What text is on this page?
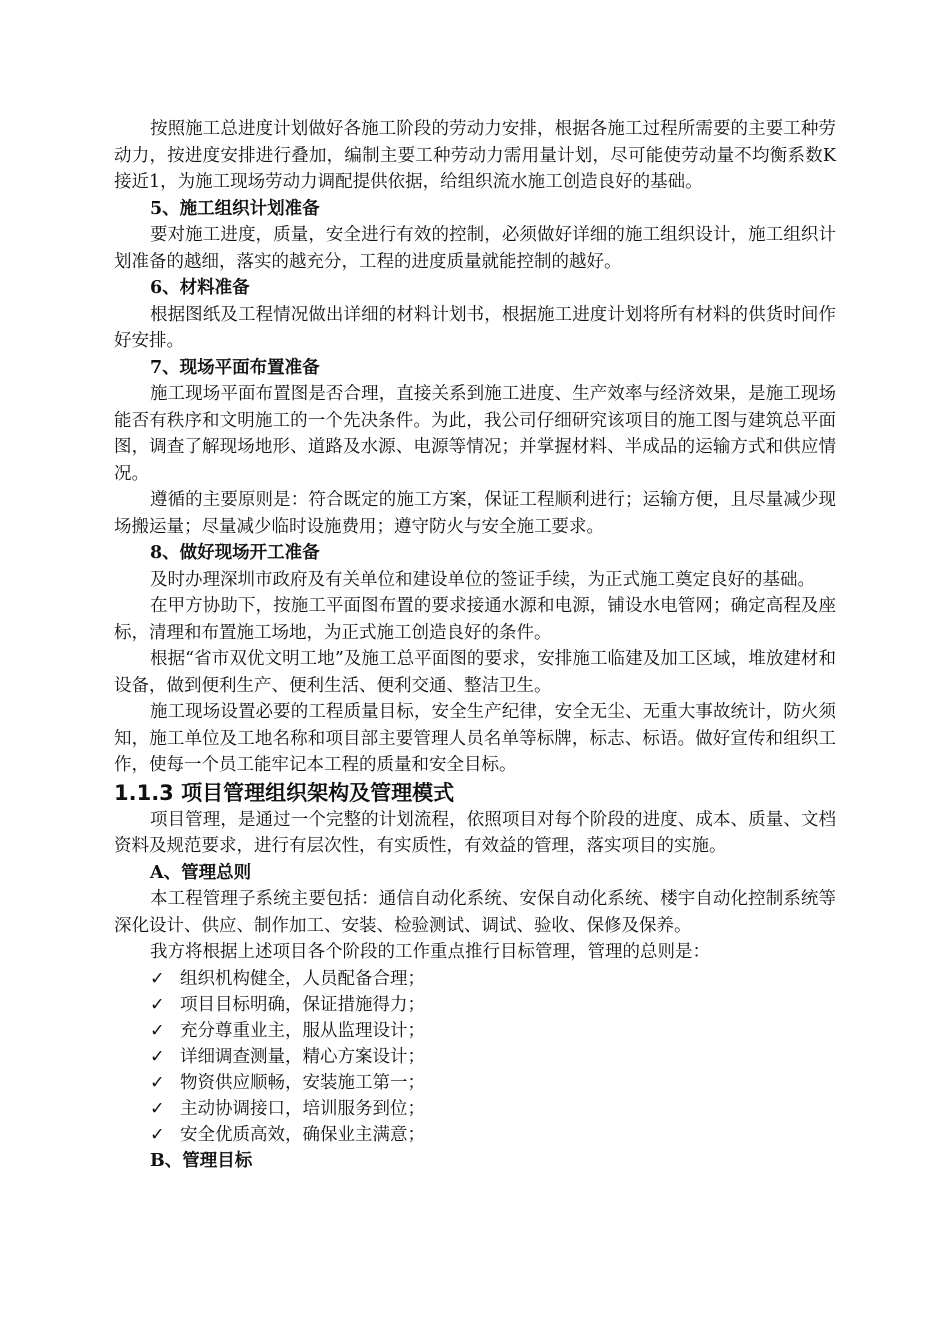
按照施工总进度计划做好各施工阶段的劳动力安排，根据各施工过程所需要的主要工种劳动力，按进度安排进行叠加，编制主要工种劳动力需用量计划，尽可能使劳动量不均衡系数K接近1，为施工现场劳动力调配提供依据，给组织流水施工创造良好的基础。

5、施工组织计划准备

要对施工进度，质量，安全进行有效的控制，必须做好详细的施工组织设计，施工组织计划准备的越细，落实的越充分，工程的进度质量就能控制的越好。

6、材料准备

根据图纸及工程情况做出详细的材料计划书，根据施工进度计划将所有材料的供货时间作好安排。

7、现场平面布置准备

施工现场平面布置图是否合理，直接关系到施工进度、生产效率与经济效果，是施工现场能否有秩序和文明施工的一个先决条件。为此，我公司仔细研究该项目的施工图与建筑总平面图，调查了解现场地形、道路及水源、电源等情况；并掌握材料、半成品的运输方式和供应情况。

遵循的主要原则是：符合既定的施工方案，保证工程顺利进行；运输方便，且尽量减少现场搬运量；尽量减少临时设施费用；遵守防火与安全施工要求。

8、做好现场开工准备

及时办理深圳市政府及有关单位和建设单位的签证手续，为正式施工奠定良好的基础。

在甲方协助下，按施工平面图布置的要求接通水源和电源，铺设水电管网；确定高程及座标，清理和布置施工场地，为正式施工创造良好的条件。

根据“省市双优文明工地”及施工总平面图的要求，安排施工临建及加工区域，堆放建材和设备，做到便利生产、便利生活、便利交通、整洁卫生。

施工现场设置必要的工程质量目标，安全生产纪律，安全无尘、无重大事故统计，防火须知，施工单位及工地名称和项目部主要管理人员名单等标牌，标志、标语。做好宣传和组织工作，使每一个员工能牢记本工程的质量和安全目标。

1.1.3 项目管理组织架构及管理模式

项目管理，是通过一个完整的计划流程，依照项目对每个阶段的进度、成本、质量、文档资料及规范要求，进行有层次性，有实质性，有效益的管理，落实项目的实施。

A、管理总则

本工程管理子系统主要包括：通信自动化系统、安保自动化系统、楼宇自动化控制系统等深化设计、供应、制作加工、安装、检验测试、调试、验收、保修及保养。

我方将根据上述项目各个阶段的工作重点推行目标管理，管理的总则是：

✓ 组织机构健全，人员配备合理；
✓ 项目目标明确，保证措施得力；
✓ 充分尊重业主，服从监理设计；
✓ 详细调查测量，精心方案设计；
✓ 物资供应顺畅，安装施工第一；
✓ 主动协调接口，培训服务到位；
✓ 安全优质高效，确保业主满意；

B、管理目标
